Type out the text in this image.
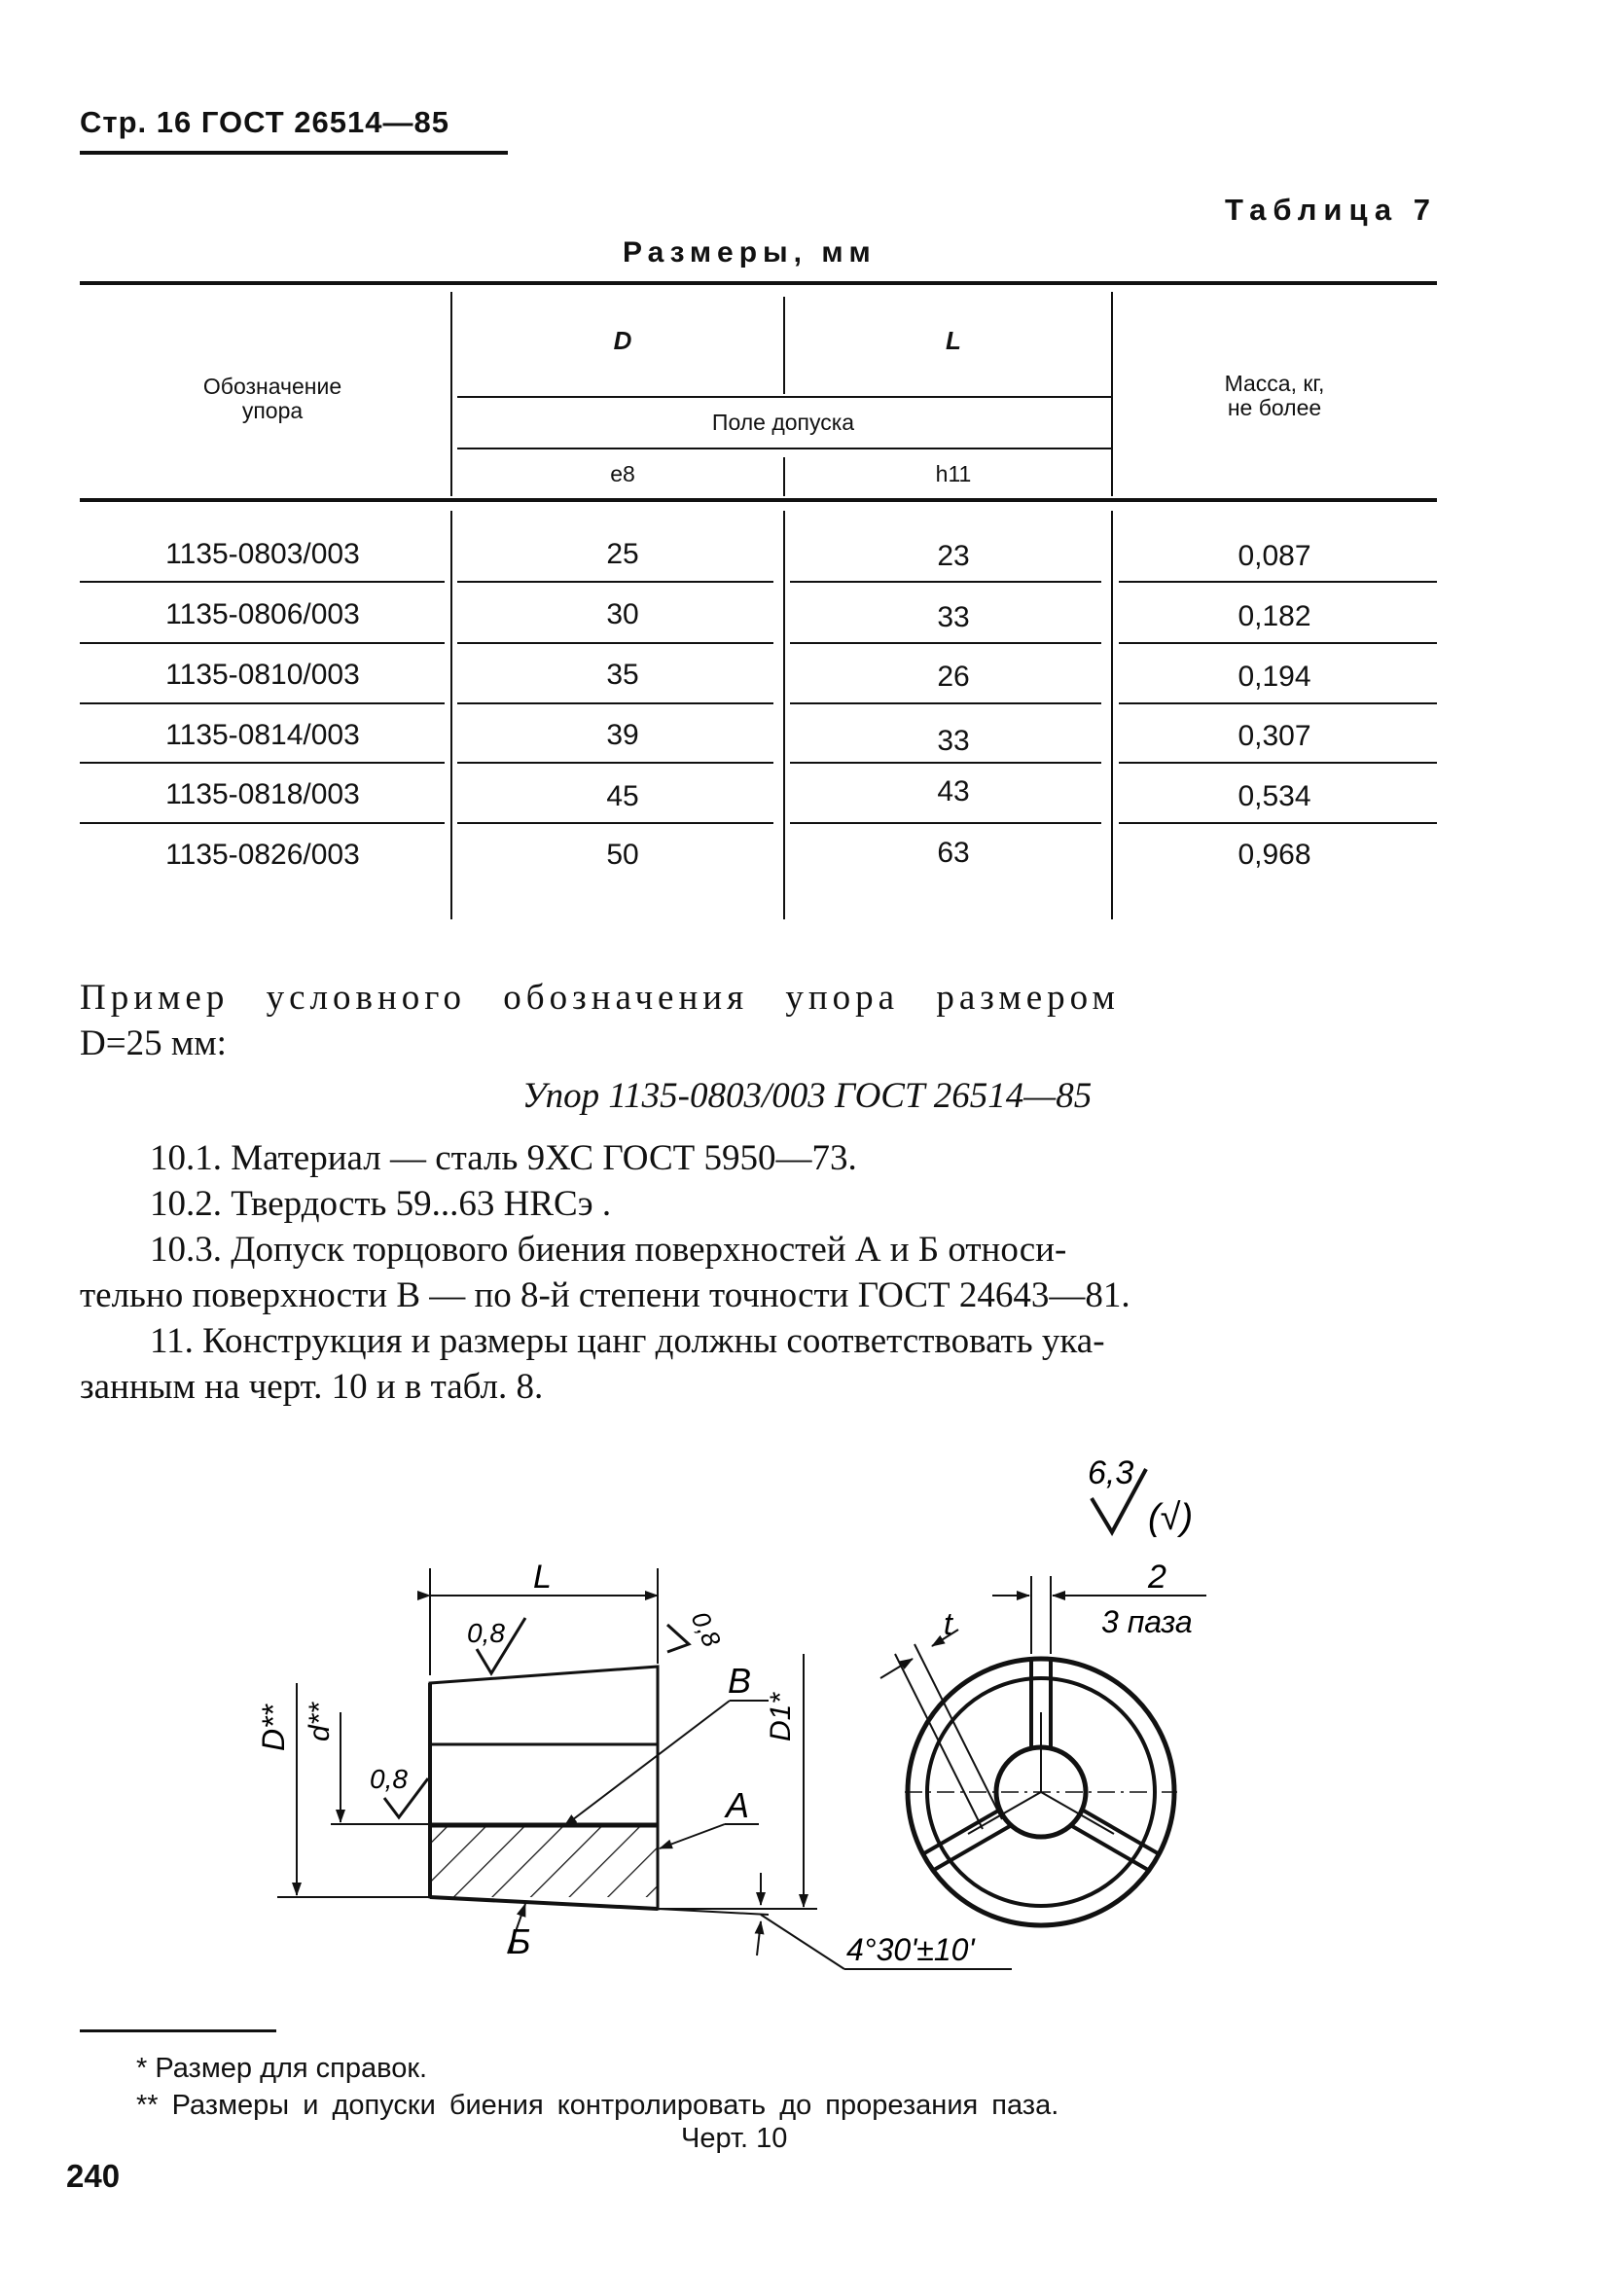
Стр. 16 ГОСТ 26514—85
Таблица 7
Размеры, мм
Обозначение
упора
D	L
Поле допуска
e8	h11
Масса, кг,
не более
1135-0803/003	25	23	0,087
1135-0806/003	30	33	0,182
1135-0810/003	35	26	0,194
1135-0814/003	39	33	0,307
1135-0818/003	45	43	0,534
1135-0826/003	50	63	0,968
Пример условного обозначения упора размером
D=25 мм:
Упор 1135-0803/003 ГОСТ 26514—85
10.1. Материал — сталь 9ХС ГОСТ 5950—73.
10.2. Твердость 59...63 HRCэ .
10.3. Допуск торцового биения поверхностей А и Б относи-
тельно поверхности В — по 8-й степени точности ГОСТ 24643—81.
11. Конструкция и размеры цанг должны соответствовать ука-
занным на черт. 10 и в табл. 8.
6,3
(√)
L
0,8	0,8
0,8
D** d**	D1*
В
А
Б	4°30'±10'
2
3 паза
t
* Размер для справок.
** Размеры и допуски биения контролировать до прорезания паза.
Черт. 10
240
